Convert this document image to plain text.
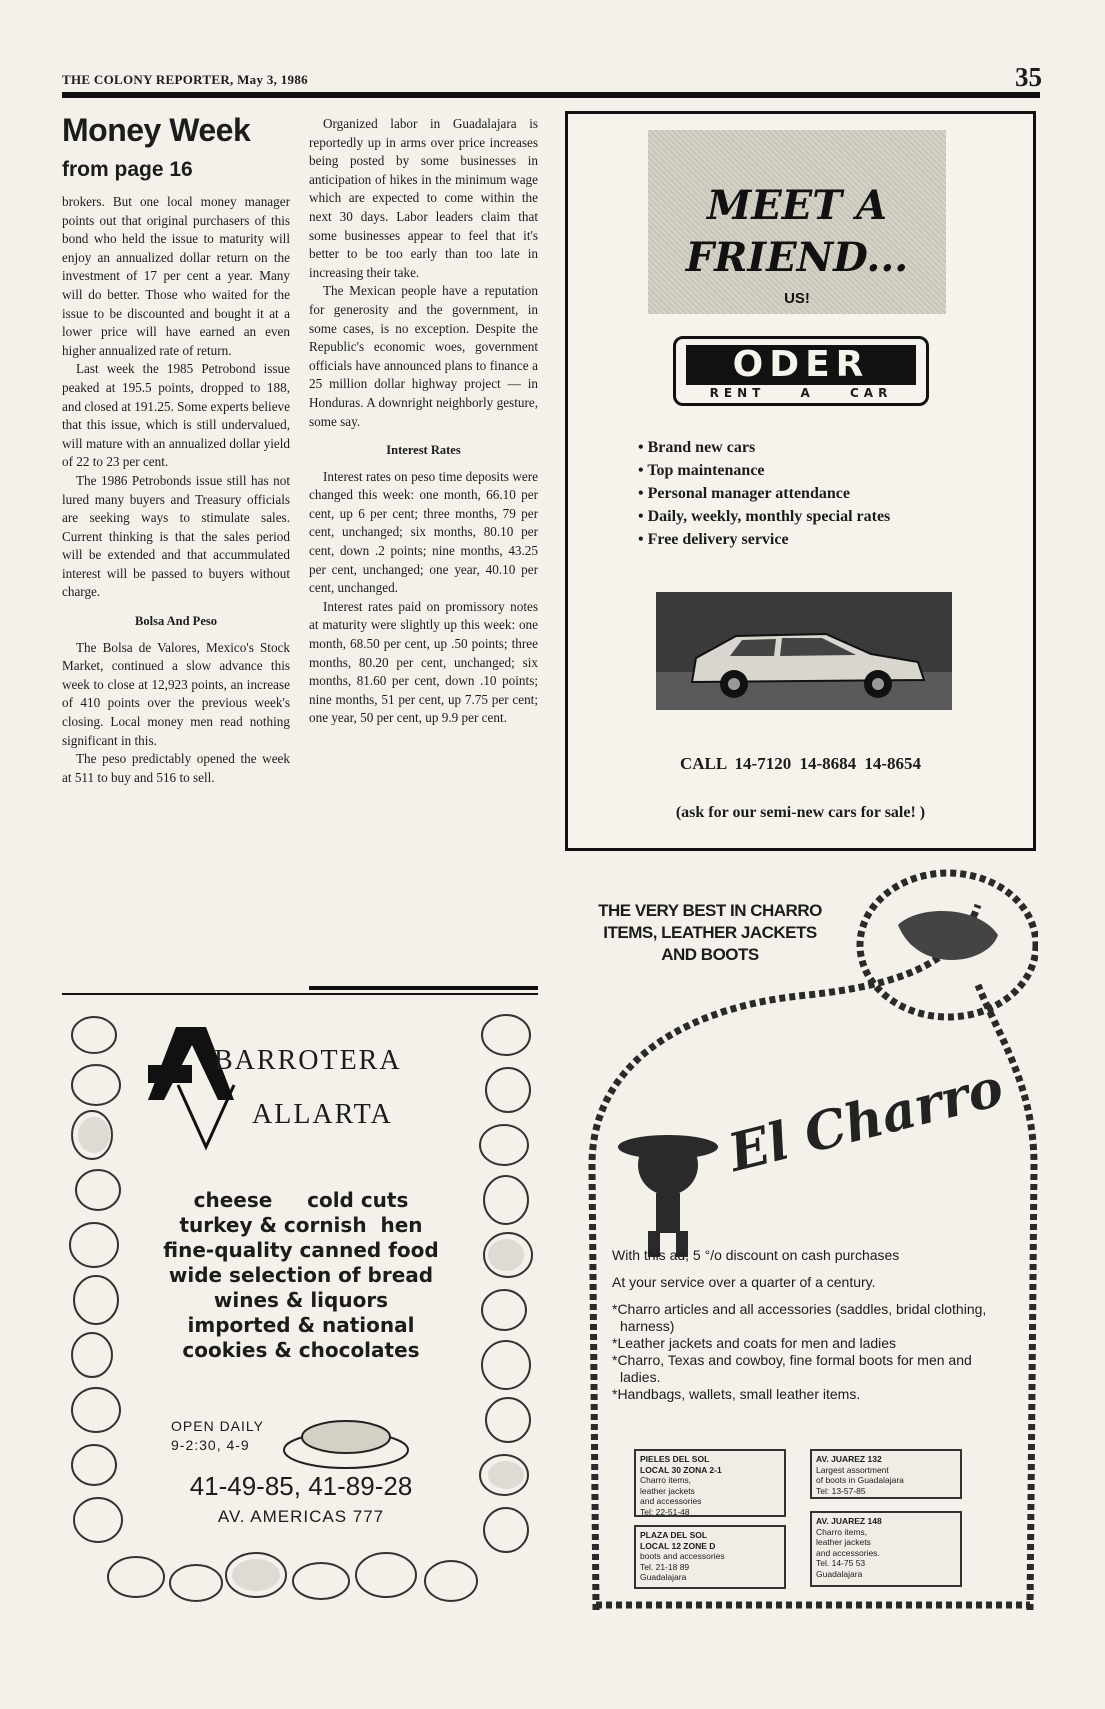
THE COLONY REPORTER, May 3, 1986	35
Money Week
from page 16

brokers. But one local money manager points out that original purchasers of this bond who held the issue to maturity will enjoy an annualized dollar return on the investment of 17 per cent a year. Many will do better. Those who waited for the issue to be discounted and bought it at a lower price will have earned an even higher annualized rate of return.

Last week the 1985 Petrobond issue peaked at 195.5 points, dropped to 188, and closed at 191.25. Some experts believe that this issue, which is still undervalued, will mature with an annualized dollar yield of 22 to 23 per cent.

The 1986 Petrobonds issue still has not lured many buyers and Treasury officials are seeking ways to stimulate sales. Current thinking is that the sales period will be extended and that accummulated interest will be passed to buyers without charge.

Bolsa And Peso

The Bolsa de Valores, Mexico's Stock Market, continued a slow advance this week to close at 12,923 points, an increase of 410 points over the previous week's closing. Local money men read nothing significant in this.

The peso predictably opened the week at 511 to buy and 516 to sell.

Organized labor in Guadalajara is reportedly up in arms over price increases being posted by some businesses in anticipation of hikes in the minimum wage which are expected to come within the next 30 days. Labor leaders claim that some businesses appear to feel that it's better to be too early than too late in increasing their take.

The Mexican people have a reputation for generosity and the government, in some cases, is no exception. Despite the Republic's economic woes, government officials have announced plans to finance a 25 million dollar highway project — in Honduras. A downright neighborly gesture, some say.

Interest Rates

Interest rates on peso time deposits were changed this week: one month, 66.10 per cent, up 6 per cent; three months, 79 per cent, unchanged; six months, 80.10 per cent, down .2 points; nine months, 43.25 per cent, unchanged; one year, 40.10 per cent, unchanged.

Interest rates paid on promissory notes at maturity were slightly up this week: one month, 68.50 per cent, up .50 points; three months, 80.20 per cent, unchanged; six months, 81.60 per cent, down .10 points; nine months, 51 per cent, up 7.75 per cent; one year, 50 per cent, up 9.9 per cent.

MEET A
FRIEND...
US!
ODER
RENT A CAR
• Brand new cars
• Top maintenance
• Personal manager attendance
• Daily, weekly, monthly special rates
• Free delivery service
CALL 14-7120 14-8684 14-8654
(ask for our semi-new cars for sale! )
BARROTERA
ALLARTA
cheese     cold cuts
turkey & cornish  hen
fine-quality canned food
wide selection of bread
wines & liquors
imported & national
cookies & chocolates
OPEN DAILY
9-2:30, 4-9
41-49-85, 41-89-28
AV. AMERICAS 777
THE VERY BEST IN CHARRO ITEMS, LEATHER JACKETS AND BOOTS
El Charro

With this ad, 5 °/o discount on cash purchases

At your service over a quarter of a century.

*Charro articles and all accessories (saddles, bridal clothing, harness)
*Leather jackets and coats for men and ladies
*Charro, Texas and cowboy, fine formal boots for men and ladies.
*Handbags, wallets, small leather items.
PIELES DEL SOL
LOCAL 30 ZONA 2-1
Charro items,
leather jackets
and accessories
Tel: 22-51-48
AV. JUAREZ 132
Largest assortment
of boots in Guadalajara
Tel: 13-57-85
PLAZA DEL SOL
LOCAL 12 ZONE D
boots and accessories
Tel. 21-18 89
Guadalajara
AV. JUAREZ 148
Charro items,
leather jackets
and accessories.
Tel. 14-75 53
Guadalajara
